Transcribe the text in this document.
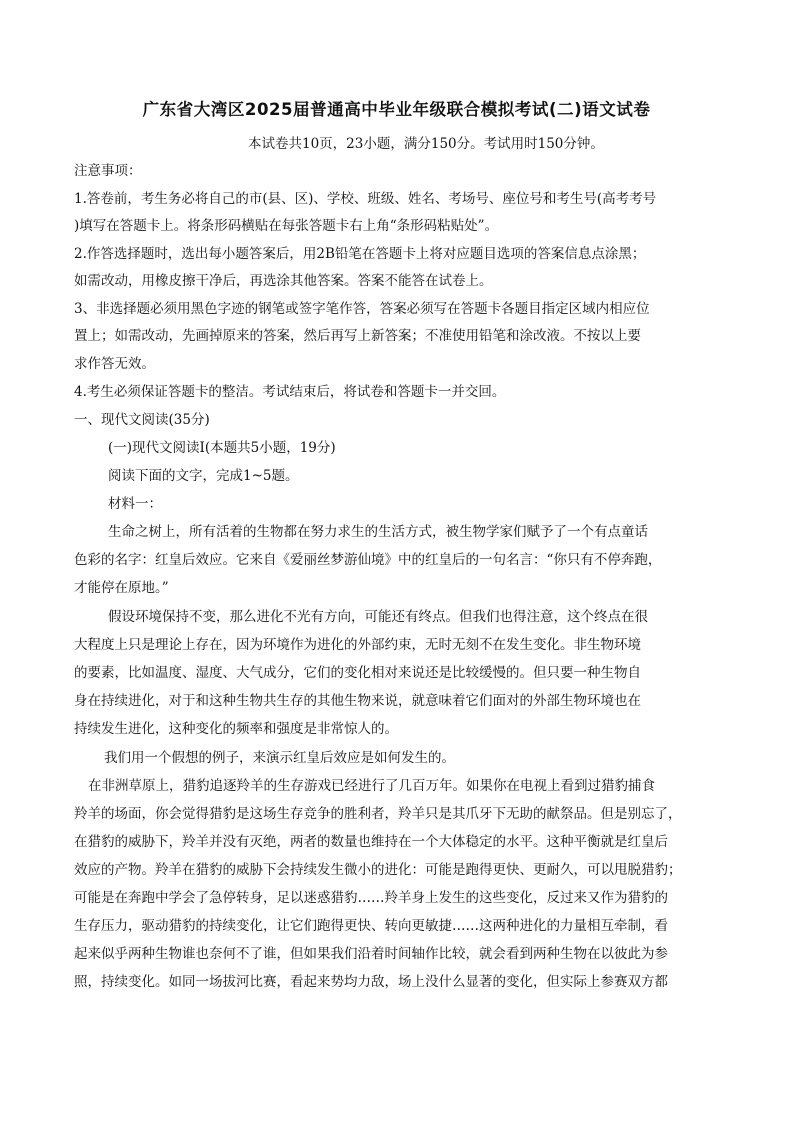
广东省大湾区2025届普通高中毕业年级联合模拟考试(二)语文试卷
本试卷共10页，23小题，满分150分。考试用时150分钟。
注意事项：
1.答卷前，考生务必将自己的市(县、区)、学校、班级、姓名、考场号、座位号和考生号(高考考号
)填写在答题卡上。将条形码横贴在每张答题卡右上角“条形码粘贴处”。
2.作答选择题时，选出每小题答案后，用2B铅笔在答题卡上将对应题目选项的答案信息点涂黑；
如需改动，用橡皮擦干净后，再选涂其他答案。答案不能答在试卷上。
3、非选择题必须用黑色字迹的钢笔或签字笔作答，答案必须写在答题卡各题目指定区域内相应位
置上；如需改动，先画掉原来的答案，然后再写上新答案；不准使用铅笔和涂改液。不按以上要
求作答无效。
4.考生必须保证答题卡的整洁。考试结束后，将试卷和答题卡一并交回。
一、现代文阅读(35分)
(一)现代文阅读Ⅰ(本题共5小题，19分)
阅读下面的文字，完成1~5题。
材料一：
生命之树上，所有活着的生物都在努力求生的生活方式，被生物学家们赋予了一个有点童话
色彩的名字：红皇后效应。它来自《爱丽丝梦游仙境》中的红皇后的一句名言：“你只有不停奔跑，
才能停在原地。”
假设环境保持不变，那么进化不光有方向，可能还有终点。但我们也得注意，这个终点在很
大程度上只是理论上存在，因为环境作为进化的外部约束，无时无刻不在发生变化。非生物环境
的要素，比如温度、湿度、大气成分，它们的变化相对来说还是比较缓慢的。但只要一种生物自
身在持续进化，对于和这种生物共生存的其他生物来说，就意味着它们面对的外部生物环境也在
持续发生进化，这种变化的频率和强度是非常惊人的。
我们用一个假想的例子，来演示红皇后效应是如何发生的。
在非洲草原上，猎豹追逐羚羊的生存游戏已经进行了几百万年。如果你在电视上看到过猎豹捕食
羚羊的场面，你会觉得猎豹是这场生存竞争的胜利者，羚羊只是其爪牙下无助的献祭品。但是别忘了，
在猎豹的威胁下，羚羊并没有灭绝，两者的数量也维持在一个大体稳定的水平。这种平衡就是红皇后
效应的产物。羚羊在猎豹的威胁下会持续发生微小的进化：可能是跑得更快、更耐久，可以甩脱猎豹；
可能是在奔跑中学会了急停转身，足以迷惑猎豹……羚羊身上发生的这些变化，反过来又作为猎豹的
生存压力，驱动猎豹的持续变化，让它们跑得更快、转向更敏捷……这两种进化的力量相互牵制，看
起来似乎两种生物谁也奈何不了谁，但如果我们沿着时间轴作比较，就会看到两种生物在以彼此为参
照，持续变化。如同一场拔河比赛，看起来势均力敌，场上没什么显著的变化，但实际上参赛双方都
